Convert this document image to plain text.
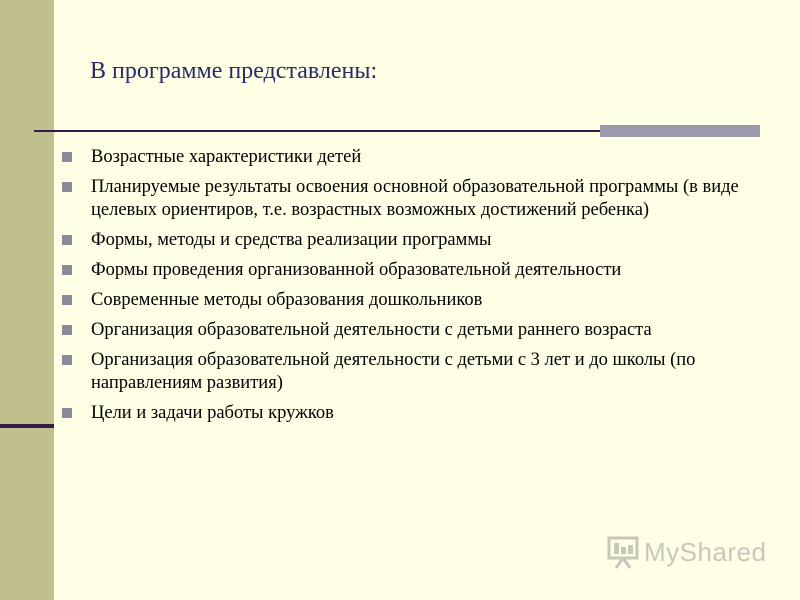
В программе представлены:
Возрастные характеристики детей
Планируемые результаты освоения основной образовательной программы (в виде целевых ориентиров, т.е. возрастных возможных достижений ребенка)
Формы, методы и средства реализации программы
Формы проведения организованной образовательной деятельности
Современные методы образования дошкольников
Организация образовательной деятельности с детьми раннего возраста
Организация образовательной деятельности с детьми с 3 лет и до школы (по направлениям развития)
Цели и задачи работы кружков
MyShared
